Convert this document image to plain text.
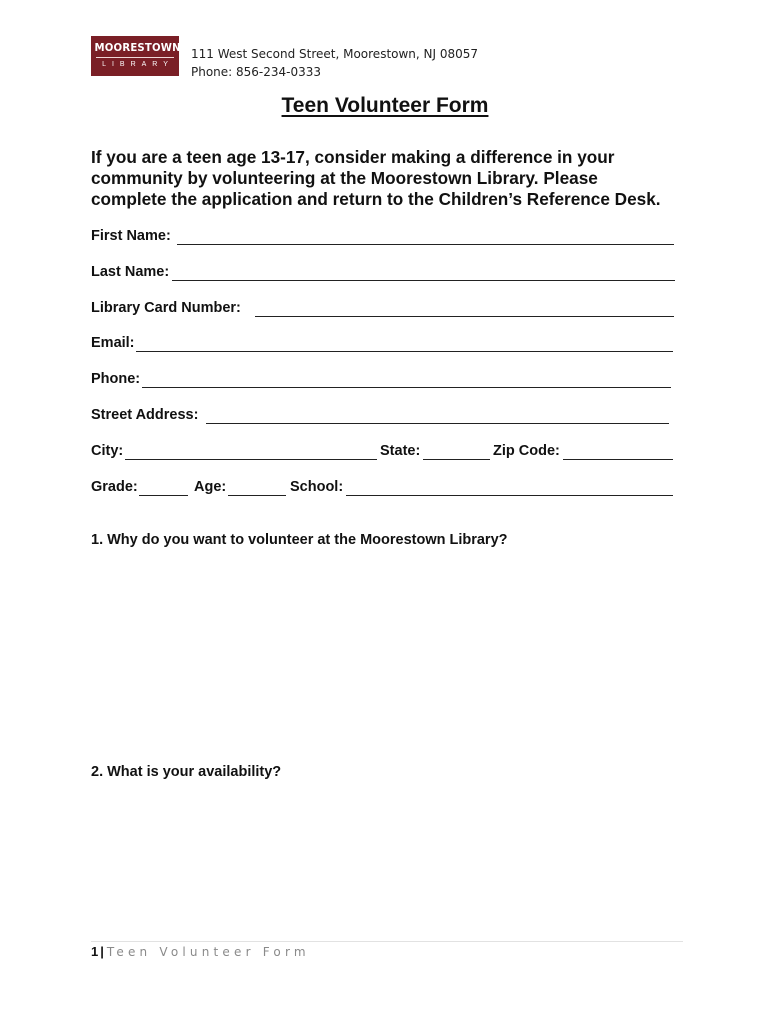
MOORESTOWN
LIBRARY
111 West Second Street, Moorestown, NJ 08057
Phone: 856-234-0333
Teen Volunteer Form
If you are a teen age 13-17, consider making a difference in your
community by volunteering at the Moorestown Library. Please
complete the application and return to the Children’s Reference Desk.
First Name:
Last Name:
Library Card Number:
Email:
Phone:
Street Address:
City:	State:	Zip Code:
Grade:	Age:	School:
1. Why do you want to volunteer at the Moorestown Library?
2. What is your availability?
1 | Teen Volunteer Form
